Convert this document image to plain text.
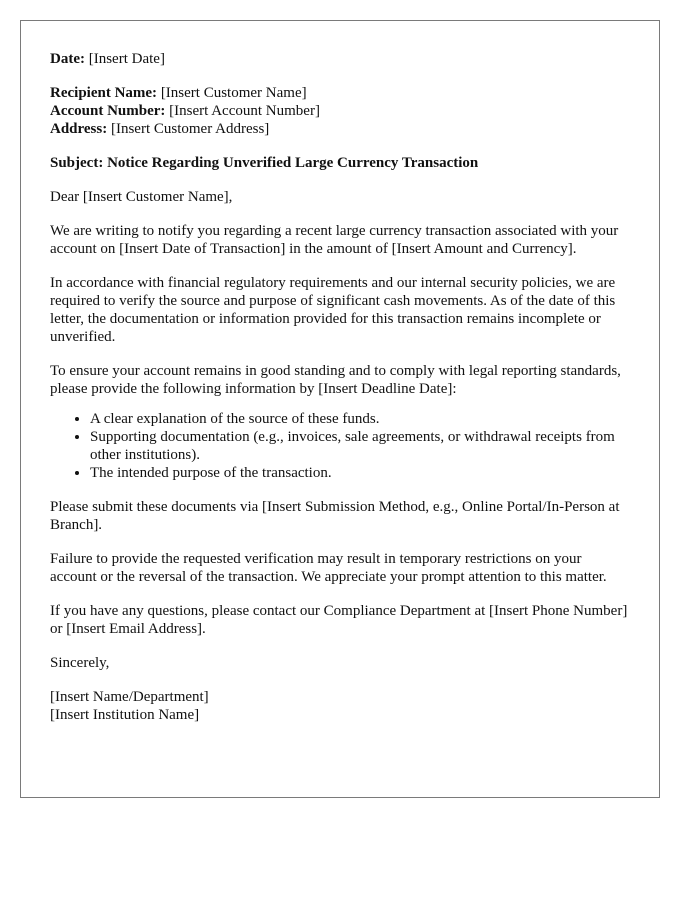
Date: [Insert Date]

Recipient Name: [Insert Customer Name]
Account Number: [Insert Account Number]
Address: [Insert Customer Address]

Subject: Notice Regarding Unverified Large Currency Transaction

Dear [Insert Customer Name],

We are writing to notify you regarding a recent large currency transaction associated with your account on [Insert Date of Transaction] in the amount of [Insert Amount and Currency].

In accordance with financial regulatory requirements and our internal security policies, we are required to verify the source and purpose of significant cash movements. As of the date of this letter, the documentation or information provided for this transaction remains incomplete or unverified.

To ensure your account remains in good standing and to comply with legal reporting standards, please provide the following information by [Insert Deadline Date]:

• A clear explanation of the source of these funds.
• Supporting documentation (e.g., invoices, sale agreements, or withdrawal receipts from other institutions).
• The intended purpose of the transaction.

Please submit these documents via [Insert Submission Method, e.g., Online Portal/In-Person at Branch].

Failure to provide the requested verification may result in temporary restrictions on your account or the reversal of the transaction. We appreciate your prompt attention to this matter.

If you have any questions, please contact our Compliance Department at [Insert Phone Number] or [Insert Email Address].

Sincerely,

[Insert Name/Department]
[Insert Institution Name]
